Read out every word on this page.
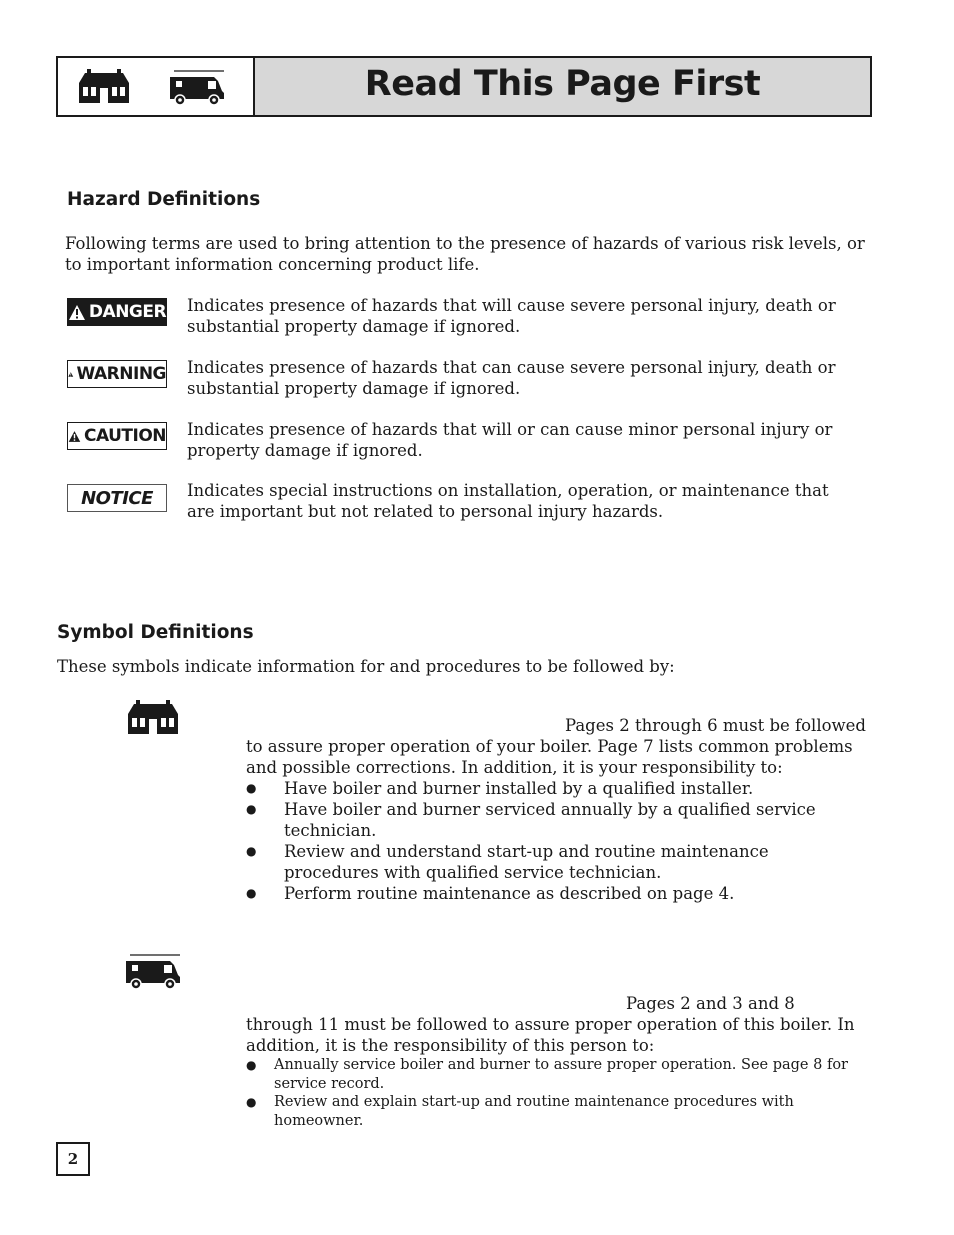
Read This Page First
Hazard Definitions
Following terms are used to bring attention to the presence of hazards of various risk levels, or to important information concerning product life.
DANGER Indicates presence of hazards that will cause severe personal injury, death or substantial property damage if ignored.
WARNING Indicates presence of hazards that can cause severe personal injury, death or substantial property damage if ignored.
CAUTION Indicates presence of hazards that will or can cause minor personal injury or property damage if ignored.
NOTICE	Indicates special instructions on installation, operation, or maintenance that are important but not related to personal injury hazards.
Symbol Definitions
These symbols indicate information for and procedures to be followed by:
Pages 2 through 6 must be followed
to assure proper operation of your boiler. Page 7 lists common problems and possible corrections. In addition, it is your responsibility to:
● Have boiler and burner installed by a qualified installer.
● Have boiler and burner serviced annually by a qualified service technician.
● Review and understand start-up and routine maintenance procedures with qualified service technician.
● Perform routine maintenance as described on page 4.
Pages 2 and 3 and 8
through 11 must be followed to assure proper operation of this boiler. In addition, it is the responsibility of this person to:
● Annually service boiler and burner to assure proper operation. See page 8 for service record.
● Review and explain start-up and routine maintenance procedures with homeowner.
2
